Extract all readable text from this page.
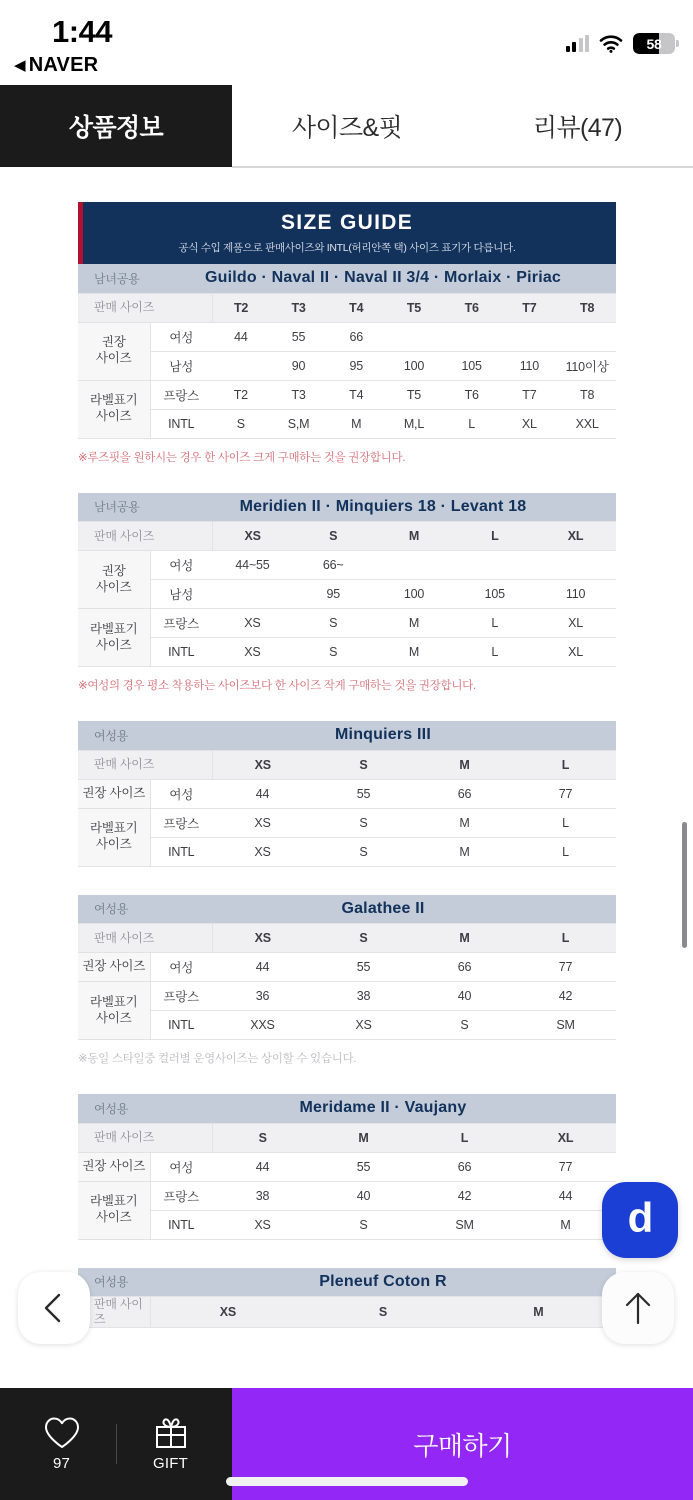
1:44
◀ NAVER
58
상품정보	사이즈&핏	리뷰(47)
SIZE GUIDE
공식 수입 제품으로 판매사이즈와 INTL(허리안쪽 택) 사이즈 표기가 다릅니다.
남녀공용	Guildo · Naval II · Naval II 3/4 · Morlaix · Piriac							
판매 사이즈		T2	T3	T4	T5	T6	T7	T8
권장
사이즈	여성	44	55	66				
	남성		90	95	100	105	110	110이상
라벨표기
사이즈	프랑스	T2	T3	T4	T5	T6	T7	T8
	INTL	S	S,M	M	M,L	L	XL	XXL
※루즈핏을 원하시는 경우 한 사이즈 크게 구매하는 것을 권장합니다.
남녀공용	Meridien II · Minquiers 18 · Levant 18					
판매 사이즈		XS	S	M	L	XL
권장
사이즈	여성	44~55	66~			
	남성		95	100	105	110
라벨표기
사이즈	프랑스	XS	S	M	L	XL
	INTL	XS	S	M	L	XL
※여성의 경우 평소 착용하는 사이즈보다 한 사이즈 작게 구매하는 것을 권장합니다.
여성용	Minquiers III				
판매 사이즈		XS	S	M	L
권장 사이즈	여성	44	55	66	77
라벨표기
사이즈	프랑스	XS	S	M	L
	INTL	XS	S	M	L
여성용	Galathee II				
판매 사이즈		XS	S	M	L
권장 사이즈	여성	44	55	66	77
라벨표기
사이즈	프랑스	36	38	40	42
	INTL	XXS	XS	S	SM
※동일 스타일중 컬러별 운영사이즈는 상이할 수 있습니다.
여성용	Meridame II · Vaujany				
판매 사이즈		S	M	L	XL
권장 사이즈	여성	44	55	66	77
라벨표기
사이즈	프랑스	38	40	42	44
	INTL	XS	S	SM	M
여성용	Pleneuf Coton R		
판매 사이즈	XS	S	M
d
97	GIFT
구매하기
